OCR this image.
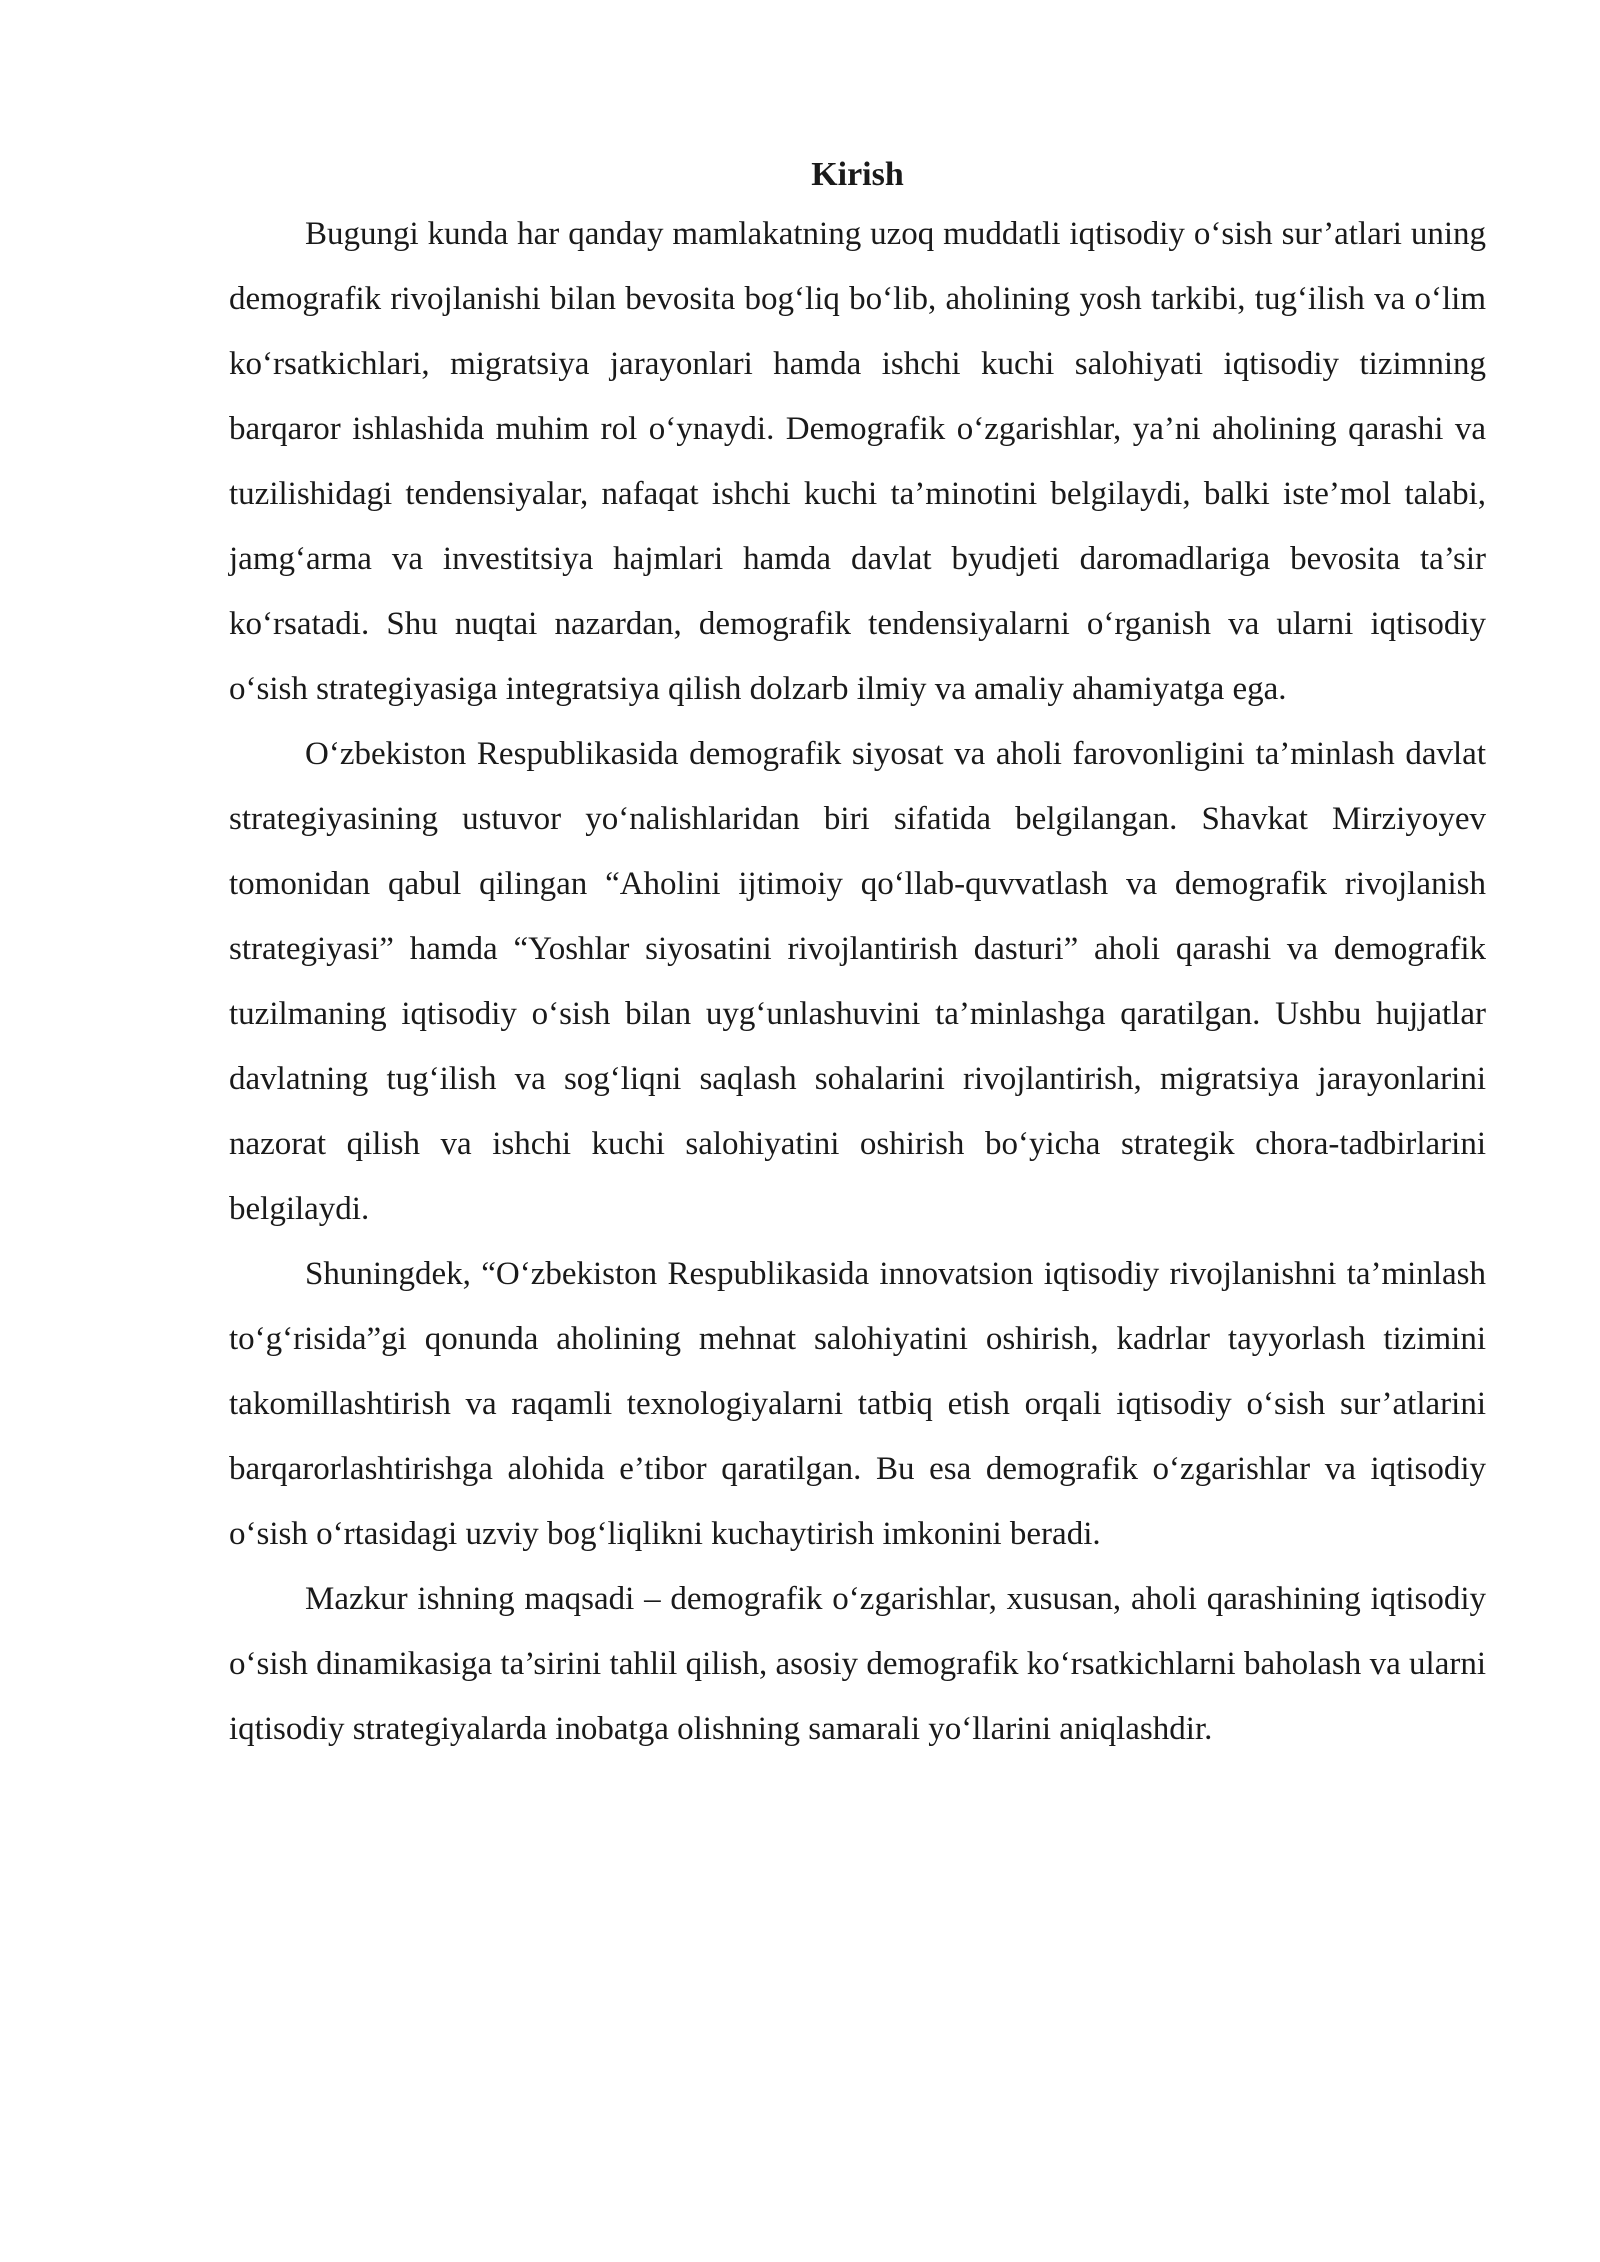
Kirish

Bugungi kunda har qanday mamlakatning uzoq muddatli iqtisodiy o‘sish sur’atlari uning demografik rivojlanishi bilan bevosita bog‘liq bo‘lib, aholining yosh tarkibi, tug‘ilish va o‘lim ko‘rsatkichlari, migratsiya jarayonlari hamda ishchi kuchi salohiyati iqtisodiy tizimning barqaror ishlashida muhim rol o‘ynaydi. Demografik o‘zgarishlar, ya’ni aholining qarashi va tuzilishidagi tendensiyalar, nafaqat ishchi kuchi ta’minotini belgilaydi, balki iste’mol talabi, jamg‘arma va investitsiya hajmlari hamda davlat byudjeti daromadlariga bevosita ta’sir ko‘rsatadi. Shu nuqtai nazardan, demografik tendensiyalarni o‘rganish va ularni iqtisodiy o‘sish strategiyasiga integratsiya qilish dolzarb ilmiy va amaliy ahamiyatga ega.

O‘zbekiston Respublikasida demografik siyosat va aholi farovonligini ta’minlash davlat strategiyasining ustuvor yo‘nalishlaridan biri sifatida belgilangan. Shavkat Mirziyoyev tomonidan qabul qilingan “Aholini ijtimoiy qo‘llab-quvvatlash va demografik rivojlanish strategiyasi” hamda “Yoshlar siyosatini rivojlantirish dasturi” aholi qarashi va demografik tuzilmaning iqtisodiy o‘sish bilan uyg‘unlashuvini ta’minlashga qaratilgan. Ushbu hujjatlar davlatning tug‘ilish va sog‘liqni saqlash sohalarini rivojlantirish, migratsiya jarayonlarini nazorat qilish va ishchi kuchi salohiyatini oshirish bo‘yicha strategik chora-tadbirlarini belgilaydi.

Shuningdek, “O‘zbekiston Respublikasida innovatsion iqtisodiy rivojlanishni ta’minlash to‘g‘risida”gi qonunda aholining mehnat salohiyatini oshirish, kadrlar tayyorlash tizimini takomillashtirish va raqamli texnologiyalarni tatbiq etish orqali iqtisodiy o‘sish sur’atlarini barqarorlashtirishga alohida e’tibor qaratilgan. Bu esa demografik o‘zgarishlar va iqtisodiy o‘sish o‘rtasidagi uzviy bog‘liqlikni kuchaytirish imkonini beradi.

Mazkur ishning maqsadi – demografik o‘zgarishlar, xususan, aholi qarashining iqtisodiy o‘sish dinamikasiga ta’sirini tahlil qilish, asosiy demografik ko‘rsatkichlarni baholash va ularni iqtisodiy strategiyalarda inobatga olishning samarali yo‘llarini aniqlashdir.
